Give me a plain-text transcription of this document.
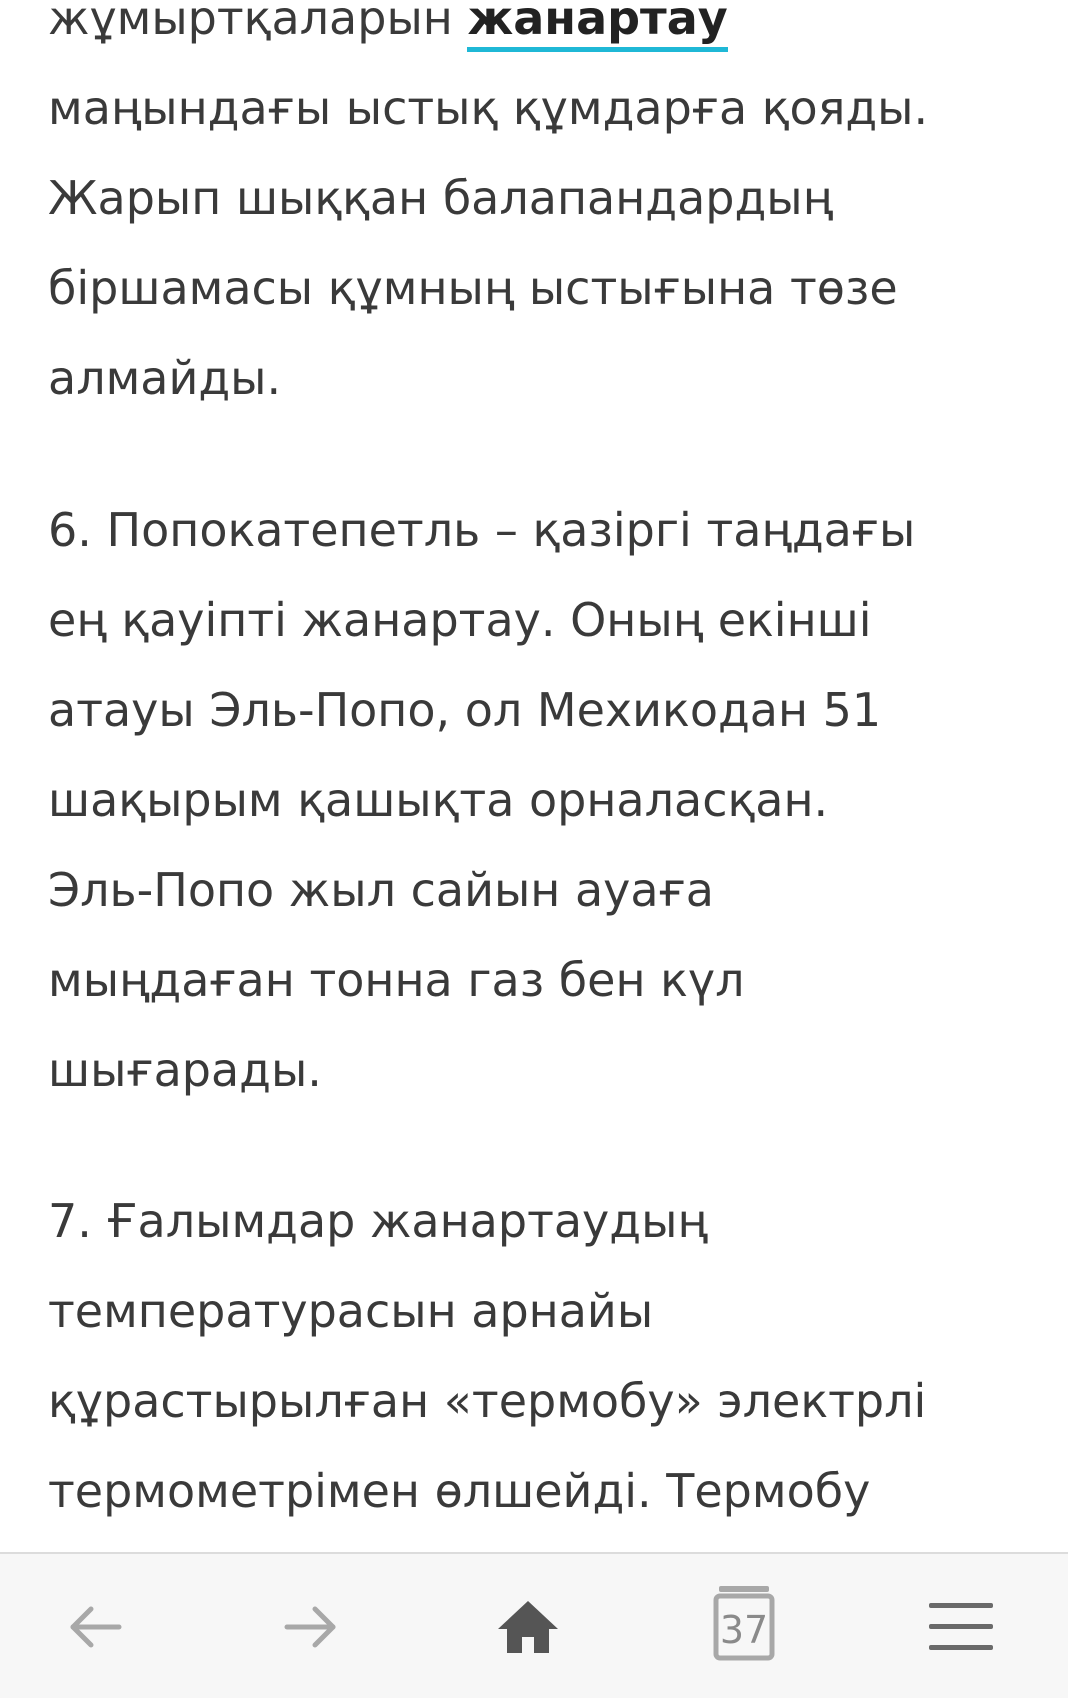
жұмыртқаларын жанартау
маңындағы ыстық құмдарға қояды.
Жарып шыққан балапандардың
біршамасы құмның ыстығына төзе
алмайды.

6. Попокатепетль – қазіргі таңдағы
ең қауіпті жанартау. Оның екінші
атауы Эль-Попо, ол Мехикодан 51
шақырым қашықта орналасқан.
Эль-Попо жыл сайын ауаға
мыңдаған тонна газ бен күл
шығарады.

7. Ғалымдар жанартаудың
температурасын арнайы
құрастырылған «термобу» электрлі
термометрімен өлшейді. Термобу

37
